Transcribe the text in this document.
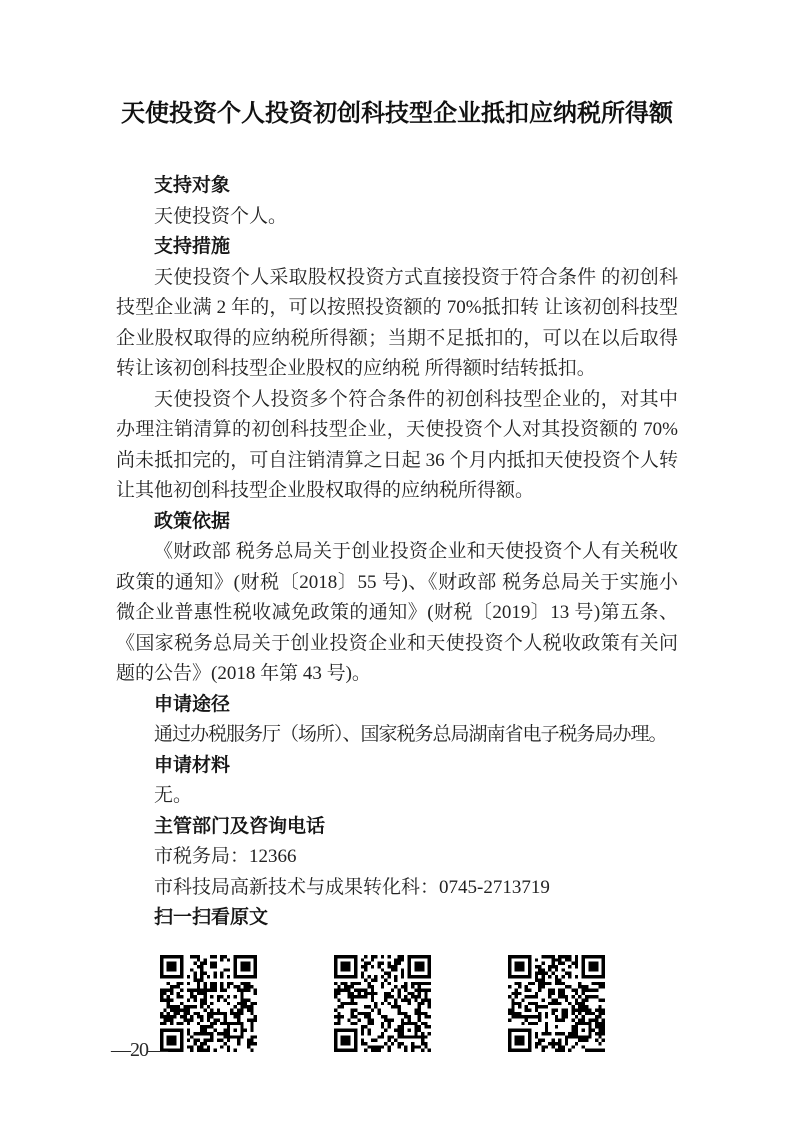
天使投资个人投资初创科技型企业抵扣应纳税所得额
支持对象

天使投资个人。

支持措施

天使投资个人采取股权投资方式直接投资于符合条件 的初创科技型企业满 2 年的，可以按照投资额的 70%抵扣转 让该初创科技型企业股权取得的应纳税所得额；当期不足抵扣的，可以在以后取得转让该初创科技型企业股权的应纳税 所得额时结转抵扣。

天使投资个人投资多个符合条件的初创科技型企业的，对其中办理注销清算的初创科技型企业，天使投资个人对其投资额的 70%尚未抵扣完的，可自注销清算之日起 36 个月内抵扣天使投资个人转让其他初创科技型企业股权取得的应纳税所得额。

政策依据

《财政部 税务总局关于创业投资企业和天使投资个人有关税收政策的通知》(财税〔2018〕55 号)、《财政部 税务总局关于实施小微企业普惠性税收减免政策的通知》(财税〔2019〕13 号)第五条、《国家税务总局关于创业投资企业和天使投资个人税收政策有关问题的公告》(2018 年第 43 号)。

申请途径

通过办税服务厅（场所）、国家税务总局湖南省电子税务局办理。

申请材料

无。

主管部门及咨询电话

市税务局：12366

市科技局高新技术与成果转化科：0745-2713719

扫一扫看原文
—20—
